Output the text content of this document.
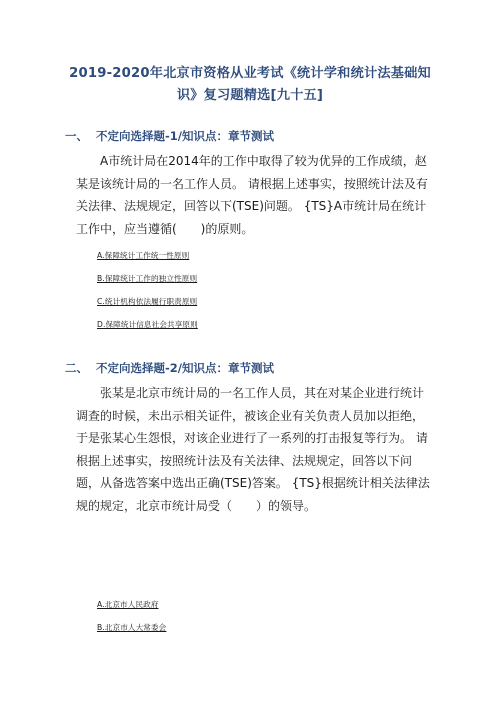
2019-2020年北京市资格从业考试《统计学和统计法基础知识》复习题精选[九十五]
一、 不定向选择题-1/知识点：章节测试
A市统计局在2014年的工作中取得了较为优异的工作成绩，赵某是该统计局的一名工作人员。 请根据上述事实，按照统计法及有关法律、法规规定，回答以下(TSE)问题。 {TS}A市统计局在统计工作中，应当遵循(　　)的原则。
A.保障统计工作统一性原则
B.保障统计工作的独立性原则
C.统计机构依法履行职责原则
D.保障统计信息社会共享原则
二、 不定向选择题-2/知识点：章节测试
张某是北京市统计局的一名工作人员，其在对某企业进行统计调查的时候，未出示相关证件，被该企业有关负责人员加以拒绝，于是张某心生怨恨，对该企业进行了一系列的打击报复等行为。 请根据上述事实，按照统计法及有关法律、法规规定，回答以下问题，从备选答案中选出正确(TSE)答案。 {TS}根据统计相关法律法规的规定，北京市统计局受（　　）的领导。
A.北京市人民政府
B.北京市人大常委会
